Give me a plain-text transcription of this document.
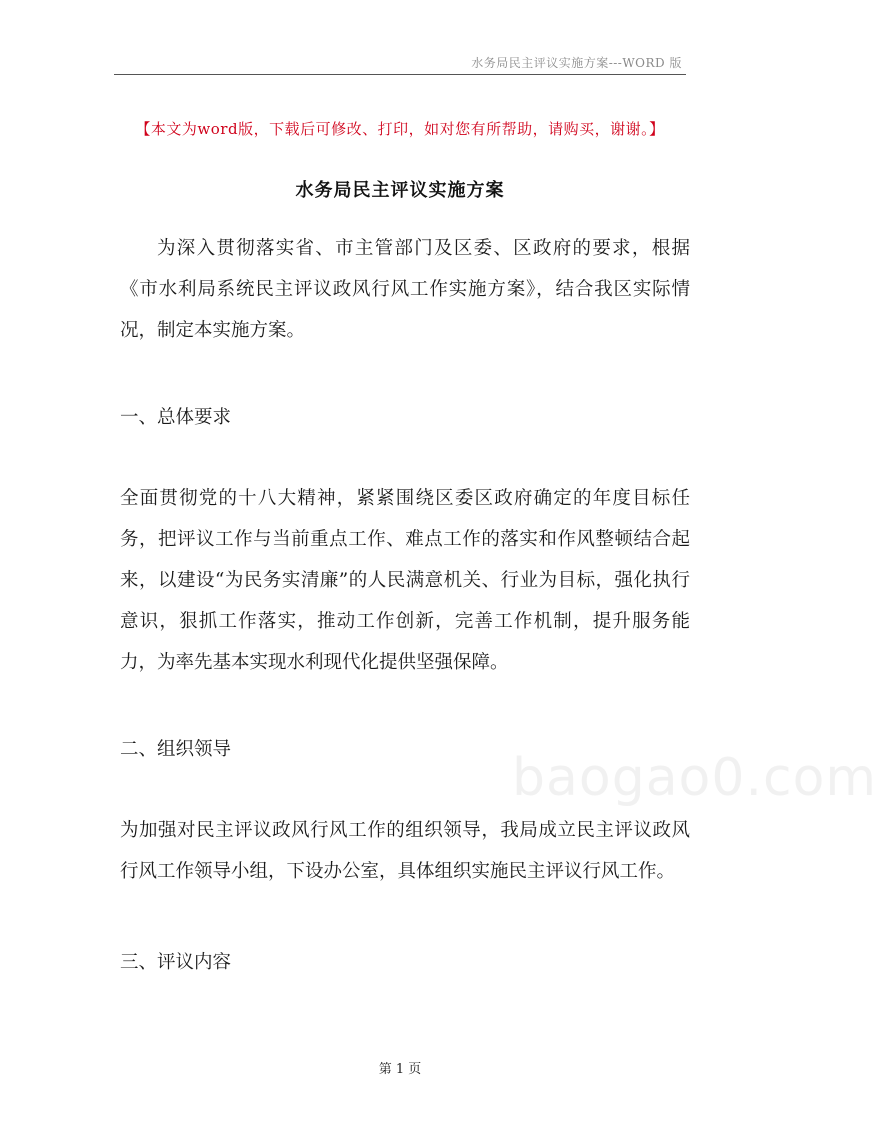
水务局民主评议实施方案---WORD 版
【本文为word版，下载后可修改、打印，如对您有所帮助，请购买，谢谢。】
水务局民主评议实施方案
为深入贯彻落实省、市主管部门及区委、区政府的要求，根据《市水利局系统民主评议政风行风工作实施方案》，结合我区实际情况，制定本实施方案。
一、总体要求
全面贯彻党的十八大精神，紧紧围绕区委区政府确定的年度目标任务，把评议工作与当前重点工作、难点工作的落实和作风整顿结合起来，以建设“为民务实清廉”的人民满意机关、行业为目标，强化执行意识，狠抓工作落实，推动工作创新，完善工作机制，提升服务能力，为率先基本实现水利现代化提供坚强保障。
二、组织领导
为加强对民主评议政风行风工作的组织领导，我局成立民主评议政风行风工作领导小组，下设办公室，具体组织实施民主评议行风工作。
三、评议内容
baogao0.com
第 1 页
